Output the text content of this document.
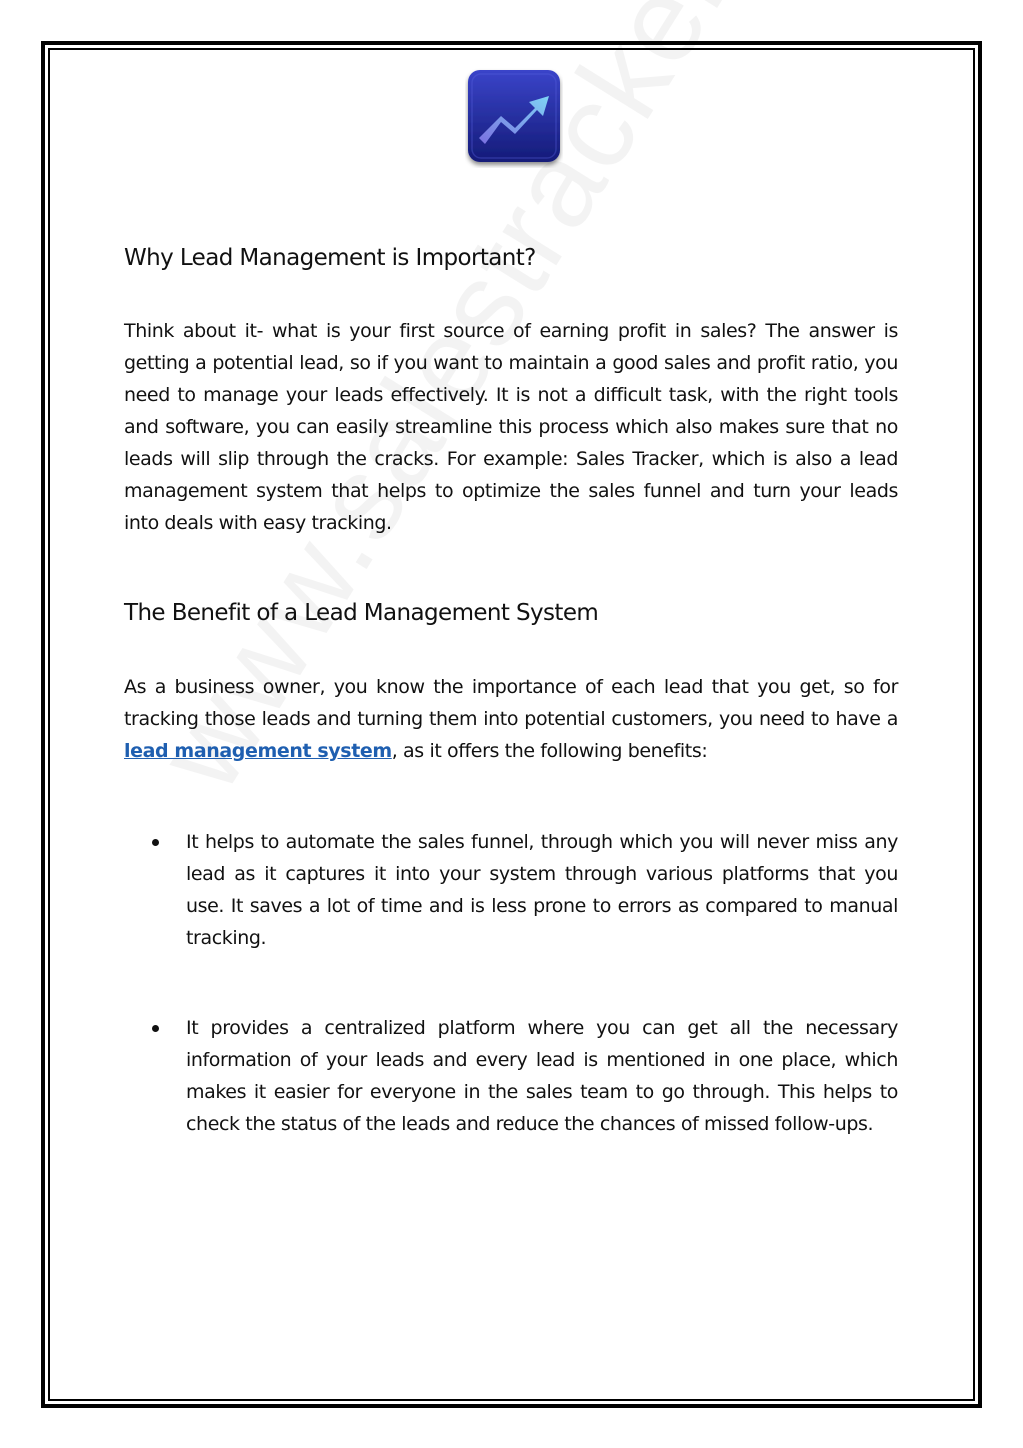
Why Lead Management is Important?

Think about it- what is your first source of earning profit in sales? The answer is getting a potential lead, so if you want to maintain a good sales and profit ratio, you need to manage your leads effectively. It is not a difficult task, with the right tools and software, you can easily streamline this process which also makes sure that no leads will slip through the cracks. For example: Sales Tracker, which is also a lead management system that helps to optimize the sales funnel and turn your leads into deals with easy tracking.

The Benefit of a Lead Management System

As a business owner, you know the importance of each lead that you get, so for tracking those leads and turning them into potential customers, you need to have a lead management system, as it offers the following benefits:

It helps to automate the sales funnel, through which you will never miss any lead as it captures it into your system through various platforms that you use. It saves a lot of time and is less prone to errors as compared to manual tracking.

It provides a centralized platform where you can get all the necessary information of your leads and every lead is mentioned in one place, which makes it easier for everyone in the sales team to go through. This helps to check the status of the leads and reduce the chances of missed follow-ups.
